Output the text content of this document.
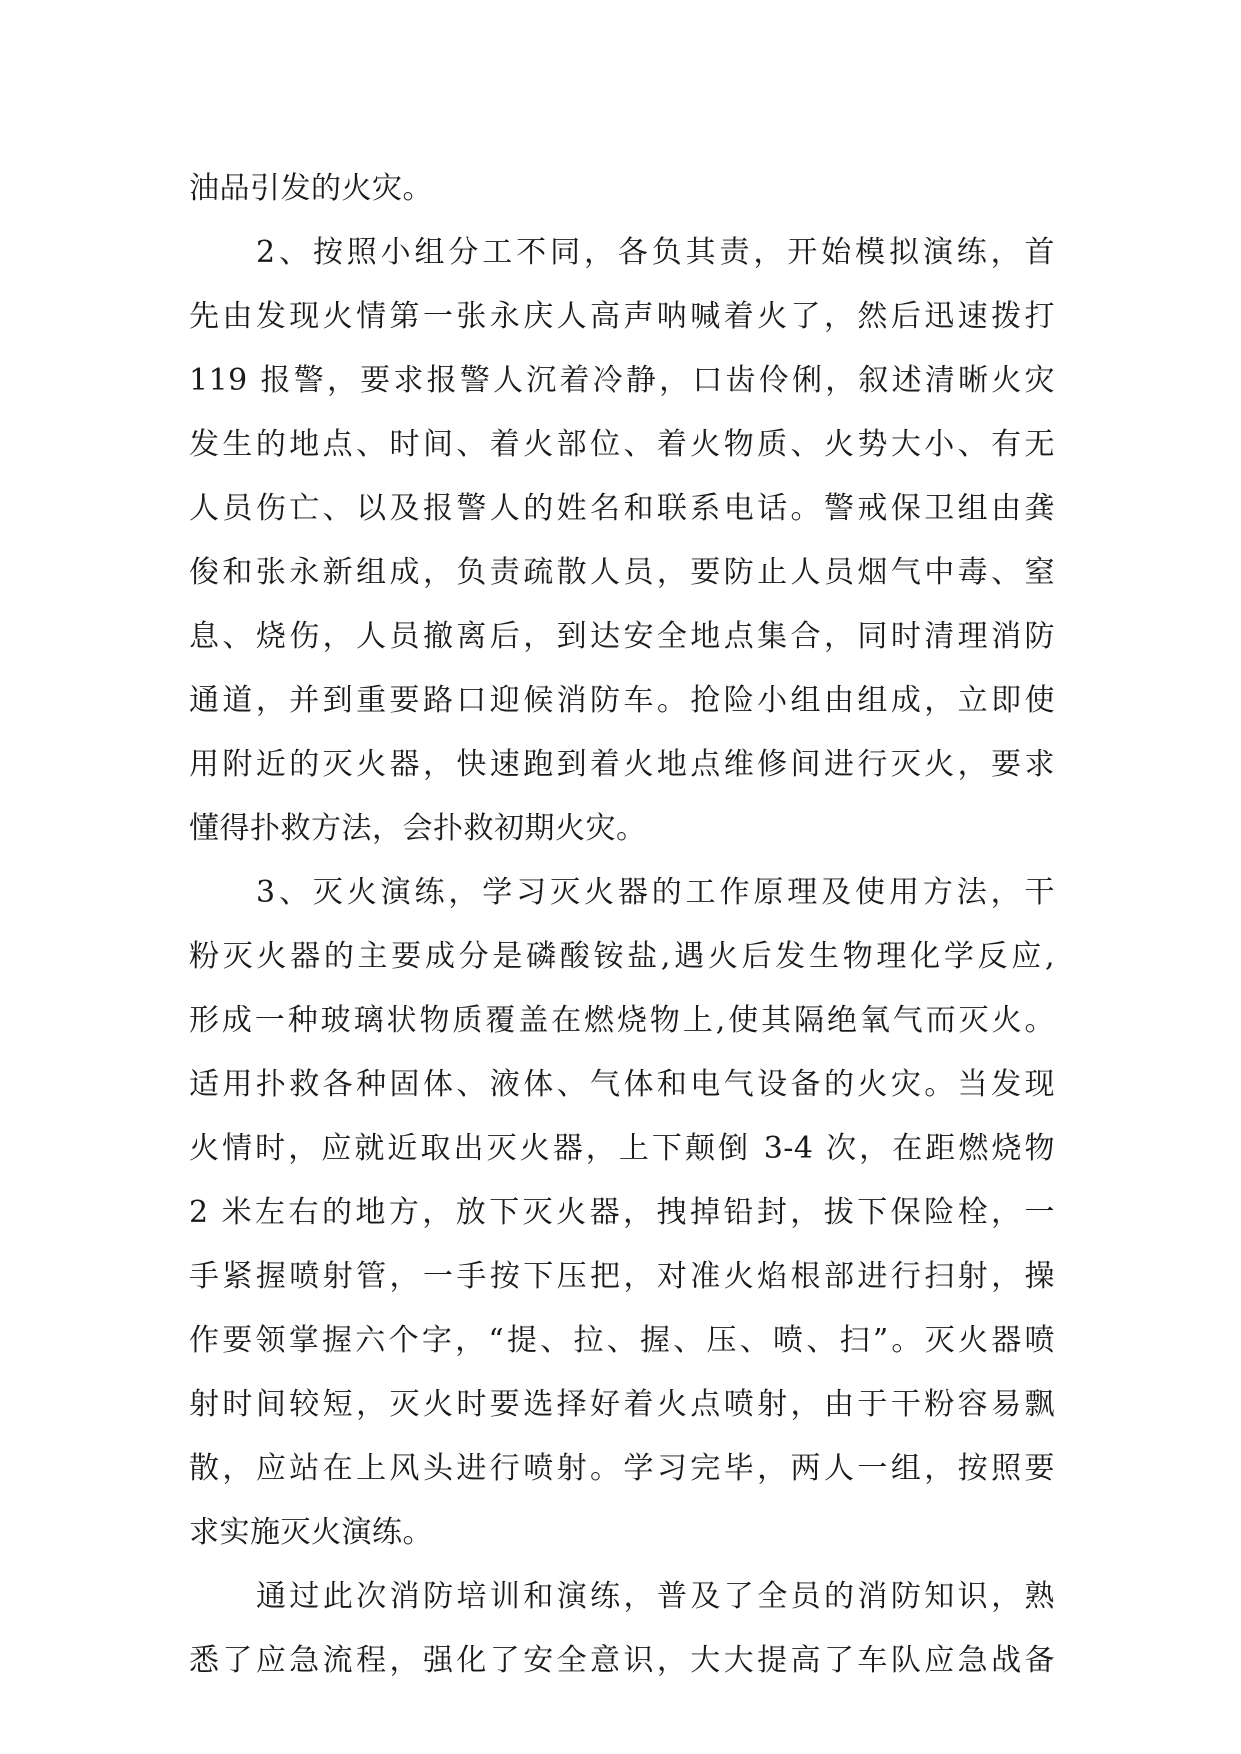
油品引发的火灾。
2、按照小组分工不同，各负其责，开始模拟演练，首
先由发现火情第一张永庆人高声呐喊着火了，然后迅速拨打
119 报警，要求报警人沉着冷静，口齿伶俐，叙述清晰火灾
发生的地点、时间、着火部位、着火物质、火势大小、有无
人员伤亡、以及报警人的姓名和联系电话。警戒保卫组由龚
俊和张永新组成，负责疏散人员，要防止人员烟气中毒、窒
息、烧伤，人员撤离后，到达安全地点集合，同时清理消防
通道，并到重要路口迎候消防车。抢险小组由组成，立即使
用附近的灭火器，快速跑到着火地点维修间进行灭火，要求
懂得扑救方法，会扑救初期火灾。
3、灭火演练，学习灭火器的工作原理及使用方法，干
粉灭火器的主要成分是磷酸铵盐,遇火后发生物理化学反应,
形成一种玻璃状物质覆盖在燃烧物上,使其隔绝氧气而灭火。
适用扑救各种固体、液体、气体和电气设备的火灾。当发现
火情时，应就近取出灭火器，上下颠倒 3-4 次，在距燃烧物
2 米左右的地方，放下灭火器，拽掉铅封，拔下保险栓，一
手紧握喷射管，一手按下压把，对准火焰根部进行扫射，操
作要领掌握六个字，“提、拉、握、压、喷、扫”。灭火器喷
射时间较短，灭火时要选择好着火点喷射，由于干粉容易飘
散，应站在上风头进行喷射。学习完毕，两人一组，按照要
求实施灭火演练。
通过此次消防培训和演练，普及了全员的消防知识，熟
悉了应急流程，强化了安全意识，大大提高了车队应急战备
